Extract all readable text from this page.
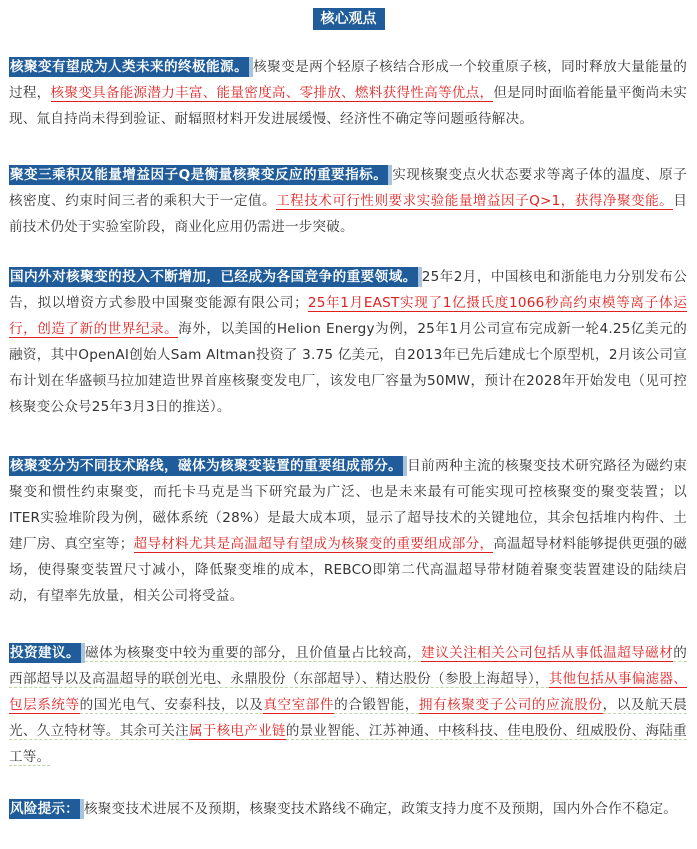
核心观点

核聚变有望成为人类未来的终极能源。 核聚变是两个轻原子核结合形成一个较重原子核，同时释放大量能量的过程，核聚变具备能源潜力丰富、能量密度高、零排放、燃料获得性高等优点，但是同时面临着能量平衡尚未实现、氚自持尚未得到验证、耐辐照材料开发进展缓慢、经济性不确定等问题亟待解决。

聚变三乘积及能量增益因子Q是衡量核聚变反应的重要指标。 实现核聚变点火状态要求等离子体的温度、原子核密度、约束时间三者的乘积大于一定值。工程技术可行性则要求实验能量增益因子Q>1，获得净聚变能。目前技术仍处于实验室阶段，商业化应用仍需进一步突破。

国内外对核聚变的投入不断增加，已经成为各国竞争的重要领域。 25年2月，中国核电和浙能电力分别发布公告，拟以增资方式参股中国聚变能源有限公司；25年1月EAST实现了1亿摄氏度1066秒高约束模等离子体运行，创造了新的世界纪录。海外，以美国的Helion Energy为例，25年1月公司宣布完成新一轮4.25亿美元的融资，其中OpenAI创始人Sam Altman投资了 3.75 亿美元，自2013年已先后建成七个原型机，2月该公司宣布计划在华盛顿马拉加建造世界首座核聚变发电厂，该发电厂容量为50MW，预计在2028年开始发电（见可控核聚变公众号25年3月3日的推送）。

核聚变分为不同技术路线，磁体为核聚变装置的重要组成部分。 目前两种主流的核聚变技术研究路径为磁约束聚变和惯性约束聚变，而托卡马克是当下研究最为广泛、也是未来最有可能实现可控核聚变的聚变装置；以ITER实验堆阶段为例，磁体系统（28%）是最大成本项，显示了超导技术的关键地位，其余包括堆内构件、土建厂房、真空室等；超导材料尤其是高温超导有望成为核聚变的重要组成部分，高温超导材料能够提供更强的磁场，使得聚变装置尺寸减小，降低聚变堆的成本，REBCO即第二代高温超导带材随着聚变装置建设的陆续启动，有望率先放量，相关公司将受益。

投资建议。 磁体为核聚变中较为重要的部分，且价值量占比较高，建议关注相关公司包括从事低温超导磁材的西部超导以及高温超导的联创光电、永鼎股份（东部超导）、精达股份（参股上海超导），其他包括从事偏滤器、包层系统等的国光电气、安泰科技，以及真空室部件的合锻智能，拥有核聚变子公司的应流股份，以及航天晨光、久立特材等。其余可关注属于核电产业链的景业智能、江苏神通、中核科技、佳电股份、纽威股份、海陆重工等。

风险提示： 核聚变技术进展不及预期，核聚变技术路线不确定，政策支持力度不及预期，国内外合作不稳定。
